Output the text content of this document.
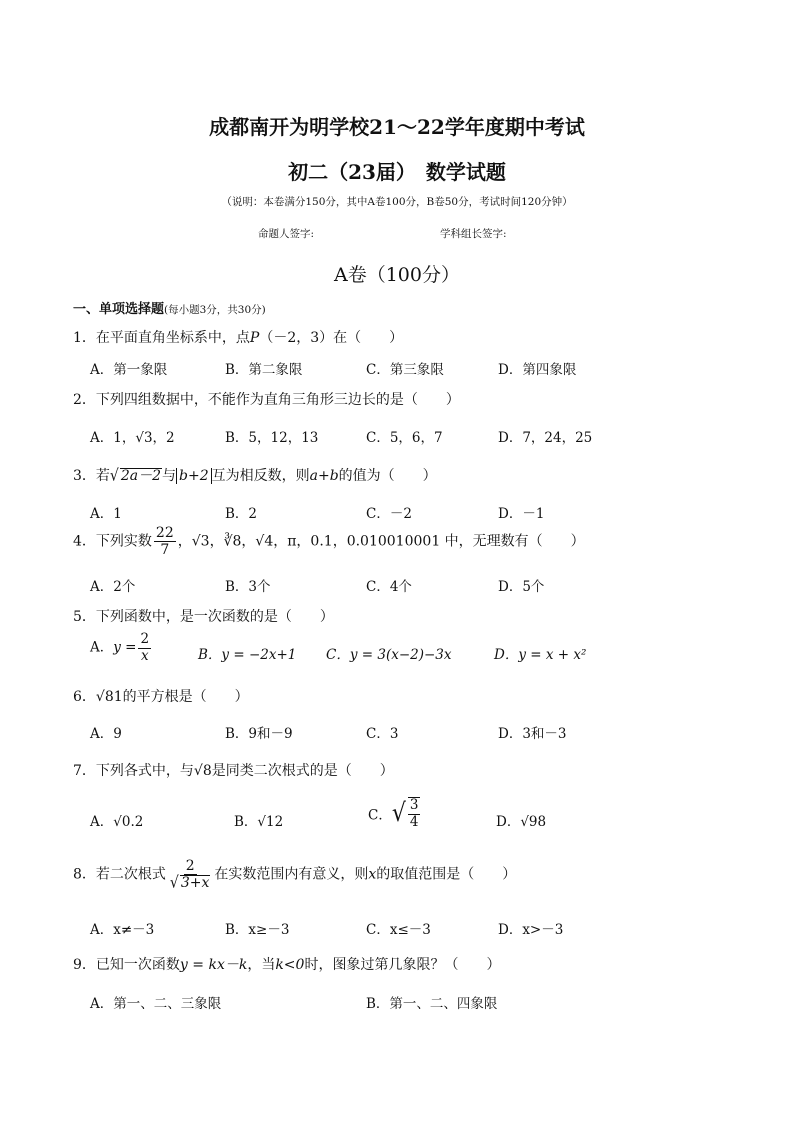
成都南开为明学校21～22学年度期中考试
初二（23届）　数学试题
（说明：本卷满分150分，其中A卷100分，B卷50分，考试时间120分钟）
命题人签字:	学科组长签字:
A卷（100分）
一、单项选择题(每小题3分，共30分)
1．在平面直角坐标系中，点P（－2，3）在（　　）
A．第一象限	B．第二象限	C．第三象限	D．第四象限
2．下列四组数据中，不能作为直角三角形三边长的是（　　）
A．1，√3，2	B．5，12，13	C．5，6，7	D．7，24，25
3．若√ 2a－2与 b+2 互为相反数，则a+b的值为（　　）
A．1	B．2	C．－2	D．－1
4．下列实数 $\frac{22}{7}$ ，√3，∛8，√4，π，0.1，0.010010001 中，无理数有（　　）
A．2个	B．3个	C．4个	D．5个
5．下列函数中，是一次函数的是（　　）
A．$y = \frac{2}{x}$	B．y = −2x+1 C．y = 3(x−2)−3x	D．y = x + x²
6．√81的平方根是（　　）
A．9	B．9和－9	C．3	D．3和－3
7．下列各式中，与√8是同类二次根式的是（　　）
A．√0.2	B．√12	C．√ $\frac{3}{4}$	D．√98
8．若二次根式 $\frac{2}{√ 3+x}$ 在实数范围内有意义，则x的取值范围是（　　）
A．x≠－3	B．x≥－3	C．x≤－3	D．x>－3
9．已知一次函数y = kx－k，当k<0时，图象过第几象限？（　　）
A．第一、二、三象限	B．第一、二、四象限
